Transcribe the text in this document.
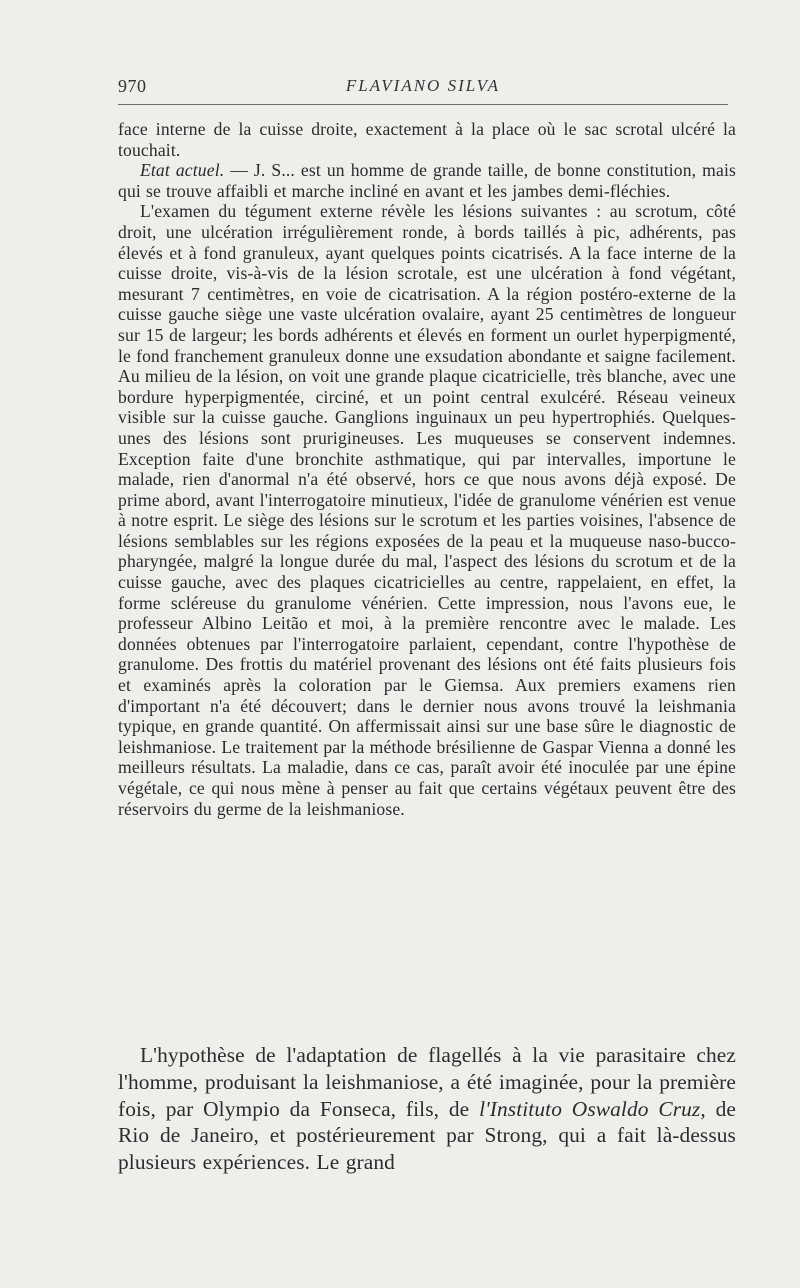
970	FLAVIANO SILVA

face interne de la cuisse droite, exactement à la place où le sac scrotal ulcéré la touchait.

Etat actuel. — J. S... est un homme de grande taille, de bonne constitution, mais qui se trouve affaibli et marche incliné en avant et les jambes demi-fléchies.

L'examen du tégument externe révèle les lésions suivantes : au scrotum, côté droit, une ulcération irrégulièrement ronde, à bords taillés à pic, adhérents, pas élevés et à fond granuleux, ayant quelques points cicatrisés. A la face interne de la cuisse droite, vis-à-vis de la lésion scrotale, est une ulcération à fond végétant, mesurant 7 centimètres, en voie de cicatrisation. A la région postéro-externe de la cuisse gauche siège une vaste ulcération ovalaire, ayant 25 centimètres de longueur sur 15 de largeur; les bords adhérents et élevés en forment un ourlet hyperpigmenté, le fond franchement granuleux donne une exsudation abondante et saigne facilement. Au milieu de la lésion, on voit une grande plaque cicatricielle, très blanche, avec une bordure hyperpigmentée, circiné, et un point central exulcéré. Réseau veineux visible sur la cuisse gauche. Ganglions inguinaux un peu hypertrophiés. Quelques-unes des lésions sont prurigineuses. Les muqueuses se conservent indemnes. Exception faite d'une bronchite asthmatique, qui par intervalles, importune le malade, rien d'anormal n'a été observé, hors ce que nous avons déjà exposé. De prime abord, avant l'interrogatoire minutieux, l'idée de granulome vénérien est venue à notre esprit. Le siège des lésions sur le scrotum et les parties voisines, l'absence de lésions semblables sur les régions exposées de la peau et la muqueuse naso-bucco-pharyngée, malgré la longue durée du mal, l'aspect des lésions du scrotum et de la cuisse gauche, avec des plaques cicatricielles au centre, rappelaient, en effet, la forme scléreuse du granulome vénérien. Cette impression, nous l'avons eue, le professeur Albino Leitão et moi, à la première rencontre avec le malade. Les données obtenues par l'interrogatoire parlaient, cependant, contre l'hypothèse de granulome. Des frottis du matériel provenant des lésions ont été faits plusieurs fois et examinés après la coloration par le Giemsa. Aux premiers examens rien d'important n'a été découvert; dans le dernier nous avons trouvé la leishmania typique, en grande quantité. On affermissait ainsi sur une base sûre le diagnostic de leishmaniose. Le traitement par la méthode brésilienne de Gaspar Vienna a donné les meilleurs résultats. La maladie, dans ce cas, paraît avoir été inoculée par une épine végétale, ce qui nous mène à penser au fait que certains végétaux peuvent être des réservoirs du germe de la leishmaniose.

L'hypothèse de l'adaptation de flagellés à la vie parasitaire chez l'homme, produisant la leishmaniose, a été imaginée, pour la première fois, par Olympio da Fonseca, fils, de l'Instituto Oswaldo Cruz, de Rio de Janeiro, et postérieurement par Strong, qui a fait là-dessus plusieurs expériences. Le grand
